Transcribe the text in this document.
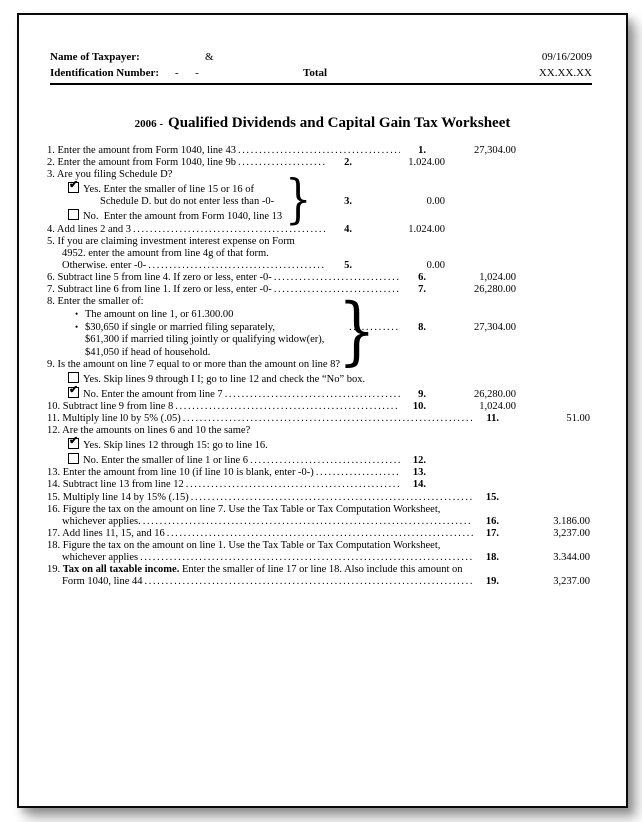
Name of Taxpayer:	&	09/16/2009
Identification Number: -      -	Total	XX.XX.XX
2006 - Qualified Dividends and Capital Gain Tax Worksheet
1. Enter the amount from Form 1040, line 43 .....	1.	27,304.00
2. Enter the amount from Form 1040, line 9b .....	2.	1.024.00
3. Are you filing Schedule D? }
✔
Yes. Enter the smaller of line 15 or 16 of
Schedule D. but do not enter less than -0-	3.	0.00
No.  Enter the amount from Form 1040, line 13
4. Add lines 2 and 3 .....	4.	1.024.00
5. If you are claiming investment interest expense on Form
4952. enter the amount from line 4g of that form.
Otherwise. enter -0- .....	5.	0.00
6. Subtract line 5 from line 4. If zero or less, enter -0- .....	6.	1,024.00
7. Subtract line 6 from line 1. If zero or less, enter -0- .....	7.	26,280.00
8. Enter the smaller of:	}
• The amount on line 1, or 61.300.00
• $30,650 if single or married filing separately, .....	8.	27,304.00
$61,300 if married tiling jointly or qualifying widow(er),
$41,050 if head of household.
9. Is the amount on line 7 equal to or more than the amount on line 8?
Yes. Skip lines 9 through I I; go to line 12 and check the “No” box.
✔
No. Enter the amount from line 7 .....	9.	26,280.00
10. Subtract line 9 from line 8 .....	10.	1,024.00
11. Multiply line l0 by 5% (.05) .....	11.	51.00
12. Are the amounts on lines 6 and 10 the same?
✔
Yes. Skip lines 12 through 15: go to line 16.
No. Enter the smaller of line 1 or line 6 .....	12.
13. Enter the amount from line 10 (if line 10 is blank, enter -0-) .....	13.
14. Subtract line 13 from line 12 .....	14.
15. Multiply line 14 by 15% (.15) .....	15.
16. Figure the tax on the amount on line 7. Use the Tax Table or Tax Computation Worksheet,
whichever applies. .....	16.	3.186.00
17. Add lines 11, 15, and 16 .....	17.	3,237.00
18. Figure the tax on the amount on line 1. Use the Tax Table or Tax Computation Worksheet,
whichever applies .....	18.	3.344.00
19. Tax on all taxable income. Enter the smaller of line 17 or line 18. Also include this amount on
Form 1040, line 44 .....	19.	3,237.00
